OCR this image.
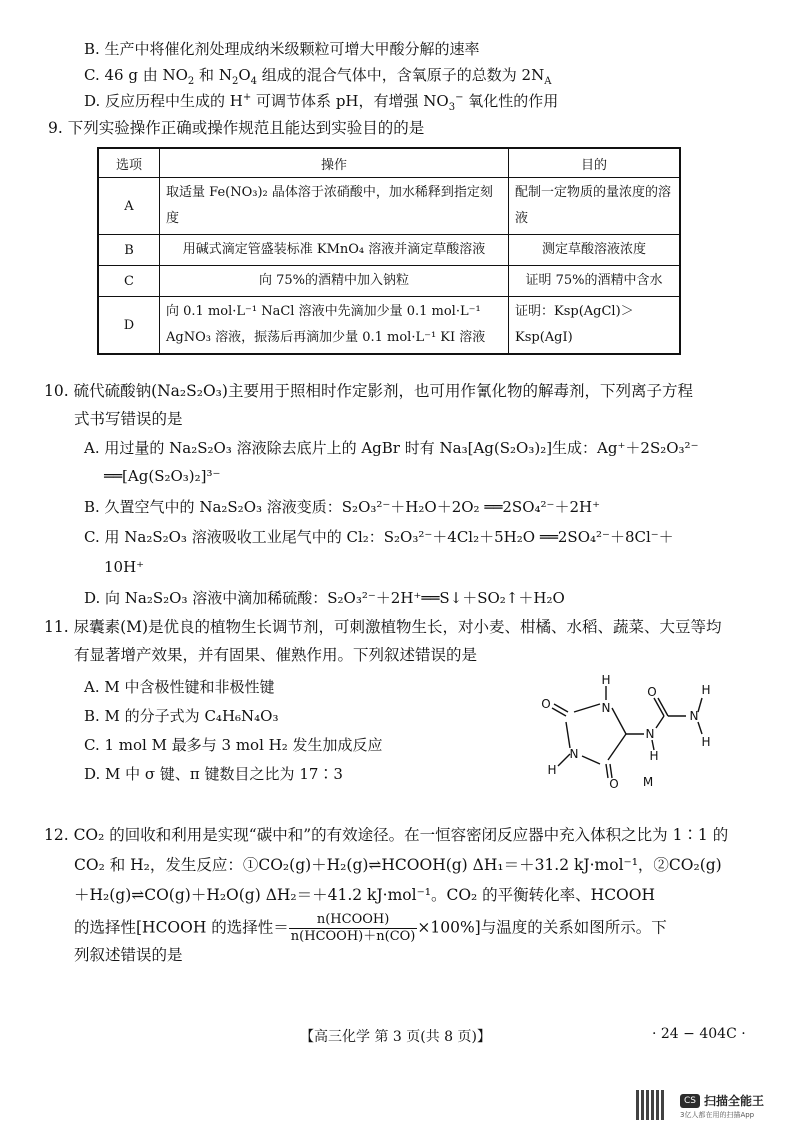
B. 生产中将催化剂处理成纳米级颗粒可增大甲酸分解的速率
C. 46 g 由 $NO_2$ 和 $N_2O_4$ 组成的混合气体中，含氧原子的总数为 $2N_A$
D. 反应历程中生成的 H+ 可调节体系 pH，有增强 $NO_3^-$ 氧化性的作用
9. 下列实验操作正确或操作规范且能达到实验目的的是
选项	操作	目的
A	取适量 Fe(NO₃)₂ 晶体溶于浓硝酸中，加水稀释到指定刻度	配制一定物质的量浓度的溶液
B	用碱式滴定管盛装标准 KMnO₄ 溶液并滴定草酸溶液	测定草酸溶液浓度
C	向 75%的酒精中加入钠粒	证明 75%的酒精中含水
D	向 0.1 mol·L⁻¹ NaCl 溶液中先滴加少量 0.1 mol·L⁻¹ AgNO₃ 溶液，振荡后再滴加少量 0.1 mol·L⁻¹ KI 溶液	证明：Ksp(AgCl)＞Ksp(AgI)
10. 硫代硫酸钠(Na₂S₂O₃)主要用于照相时作定影剂，也可用作氰化物的解毒剂，下列离子方程
式书写错误的是
A. 用过量的 Na₂S₂O₃ 溶液除去底片上的 AgBr 时有 Na₃[Ag(S₂O₃)₂]生成：Ag⁺＋2S₂O₃²⁻
══[Ag(S₂O₃)₂]³⁻
B. 久置空气中的 Na₂S₂O₃ 溶液变质：S₂O₃²⁻＋H₂O＋2O₂ ══2SO₄²⁻＋2H⁺
C. 用 Na₂S₂O₃ 溶液吸收工业尾气中的 Cl₂：S₂O₃²⁻＋4Cl₂＋5H₂O ══2SO₄²⁻＋8Cl⁻＋
10H⁺
D. 向 Na₂S₂O₃ 溶液中滴加稀硫酸：S₂O₃²⁻＋2H⁺══S↓＋SO₂↑＋H₂O
11. 尿囊素(M)是优良的植物生长调节剂，可刺激植物生长，对小麦、柑橘、水稻、蔬菜、大豆等均
有显著增产效果，并有固果、催熟作用。下列叙述错误的是
A. M 中含极性键和非极性键
B. M 的分子式为 C₄H₆N₄O₃
C. 1 mol M 最多与 3 mol H₂ 发生加成反应
D. M 中 σ 键、π 键数目之比为 17∶3
O	N
H
N
H
O
N
H
O
N
H
H
M
12. CO₂ 的回收和利用是实现“碳中和”的有效途径。在一恒容密闭反应器中充入体积之比为 1∶1 的
CO₂ 和 H₂，发生反应：①CO₂(g)＋H₂(g)⇌HCOOH(g) ΔH₁＝＋31.2 kJ·mol⁻¹，②CO₂(g)
＋H₂(g)⇌CO(g)＋H₂O(g) ΔH₂＝＋41.2 kJ·mol⁻¹。CO₂ 的平衡转化率、HCOOH
的选择性[HCOOH 的选择性＝ $\frac{\text{n(HCOOH)}}{\text{n(HCOOH)＋n(CO)}} \times 100\%$]与温度的关系如图所示。下
列叙述错误的是
【高三化学 第 3 页(共 8 页)】	· 24 − 404C ·
CS 扫描全能王
3亿人都在用的扫描App
